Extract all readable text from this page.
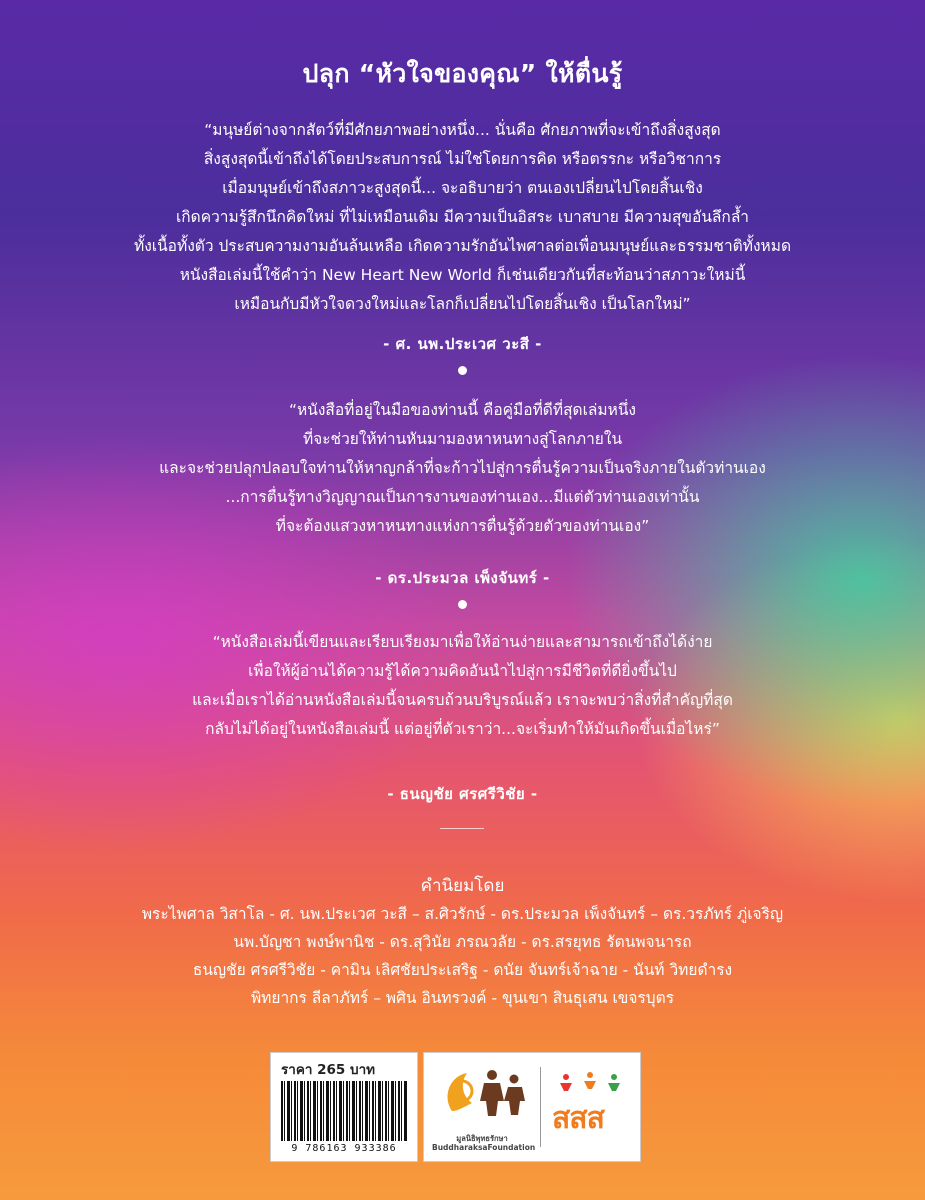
ปลุก “หัวใจของคุณ” ให้ตื่นรู้
“มนุษย์ต่างจากสัตว์ที่มีศักยภาพอย่างหนึ่ง... นั่นคือ ศักยภาพที่จะเข้าถึงสิ่งสูงสุด
สิ่งสูงสุดนี้เข้าถึงได้โดยประสบการณ์ ไม่ใช่โดยการคิด หรือตรรกะ หรือวิชาการ
เมื่อมนุษย์เข้าถึงสภาวะสูงสุดนี้... จะอธิบายว่า ตนเองเปลี่ยนไปโดยสิ้นเชิง
เกิดความรู้สึกนึกคิดใหม่ ที่ไม่เหมือนเดิม มีความเป็นอิสระ เบาสบาย มีความสุขอันลึกล้ำ
ทั้งเนื้อทั้งตัว ประสบความงามอันล้นเหลือ เกิดความรักอันไพศาลต่อเพื่อนมนุษย์และธรรมชาติทั้งหมด
หนังสือเล่มนี้ใช้คำว่า New Heart New World ก็เช่นเดียวกันที่สะท้อนว่าสภาวะใหม่นี้
เหมือนกับมีหัวใจดวงใหม่และโลกก็เปลี่ยนไปโดยสิ้นเชิง เป็นโลกใหม่”
- ศ. นพ.ประเวศ วะสี -
“หนังสือที่อยู่ในมือของท่านนี้ คือคู่มือที่ดีที่สุดเล่มหนึ่ง
ที่จะช่วยให้ท่านหันมามองหาหนทางสู่โลกภายใน
และจะช่วยปลุกปลอบใจท่านให้หาญกล้าที่จะก้าวไปสู่การตื่นรู้ความเป็นจริงภายในตัวท่านเอง
...การตื่นรู้ทางวิญญาณเป็นการงานของท่านเอง...มีแต่ตัวท่านเองเท่านั้น
ที่จะต้องแสวงหาหนทางแห่งการตื่นรู้ด้วยตัวของท่านเอง”
- ดร.ประมวล เพ็งจันทร์ -
“หนังสือเล่มนี้เขียนและเรียบเรียงมาเพื่อให้อ่านง่ายและสามารถเข้าถึงได้ง่าย
เพื่อให้ผู้อ่านได้ความรู้ได้ความคิดอันนำไปสู่การมีชีวิตที่ดียิ่งขึ้นไป
และเมื่อเราได้อ่านหนังสือเล่มนี้จนครบถ้วนบริบูรณ์แล้ว เราจะพบว่าสิ่งที่สำคัญที่สุด
กลับไม่ได้อยู่ในหนังสือเล่มนี้ แต่อยู่ที่ตัวเราว่า...จะเริ่มทำให้มันเกิดขึ้นเมื่อไหร่”
- ธนญชัย ศรศรีวิชัย -
คำนิยมโดย
พระไพศาล วิสาโล - ศ. นพ.ประเวศ วะสี – ส.ศิวรักษ์ - ดร.ประมวล เพ็งจันทร์ – ดร.วรภัทร์ ภู่เจริญ
นพ.บัญชา พงษ์พานิช - ดร.สุวินัย ภรณวลัย - ดร.สรยุทธ รัตนพจนารถ
ธนญชัย ศรศรีวิชัย - คามิน เลิศชัยประเสริฐ - ดนัย จันทร์เจ้าฉาย - นันท์ วิทยดำรง
พิทยากร ลีลาภัทร์ – พศิน อินทรวงค์ - ขุนเขา สินธุเสน เขจรบุตร
ราคา 265 บาท
9 786163 933386
มูลนิธิพุทธรักษา
BuddharaksaFoundation
สสส
